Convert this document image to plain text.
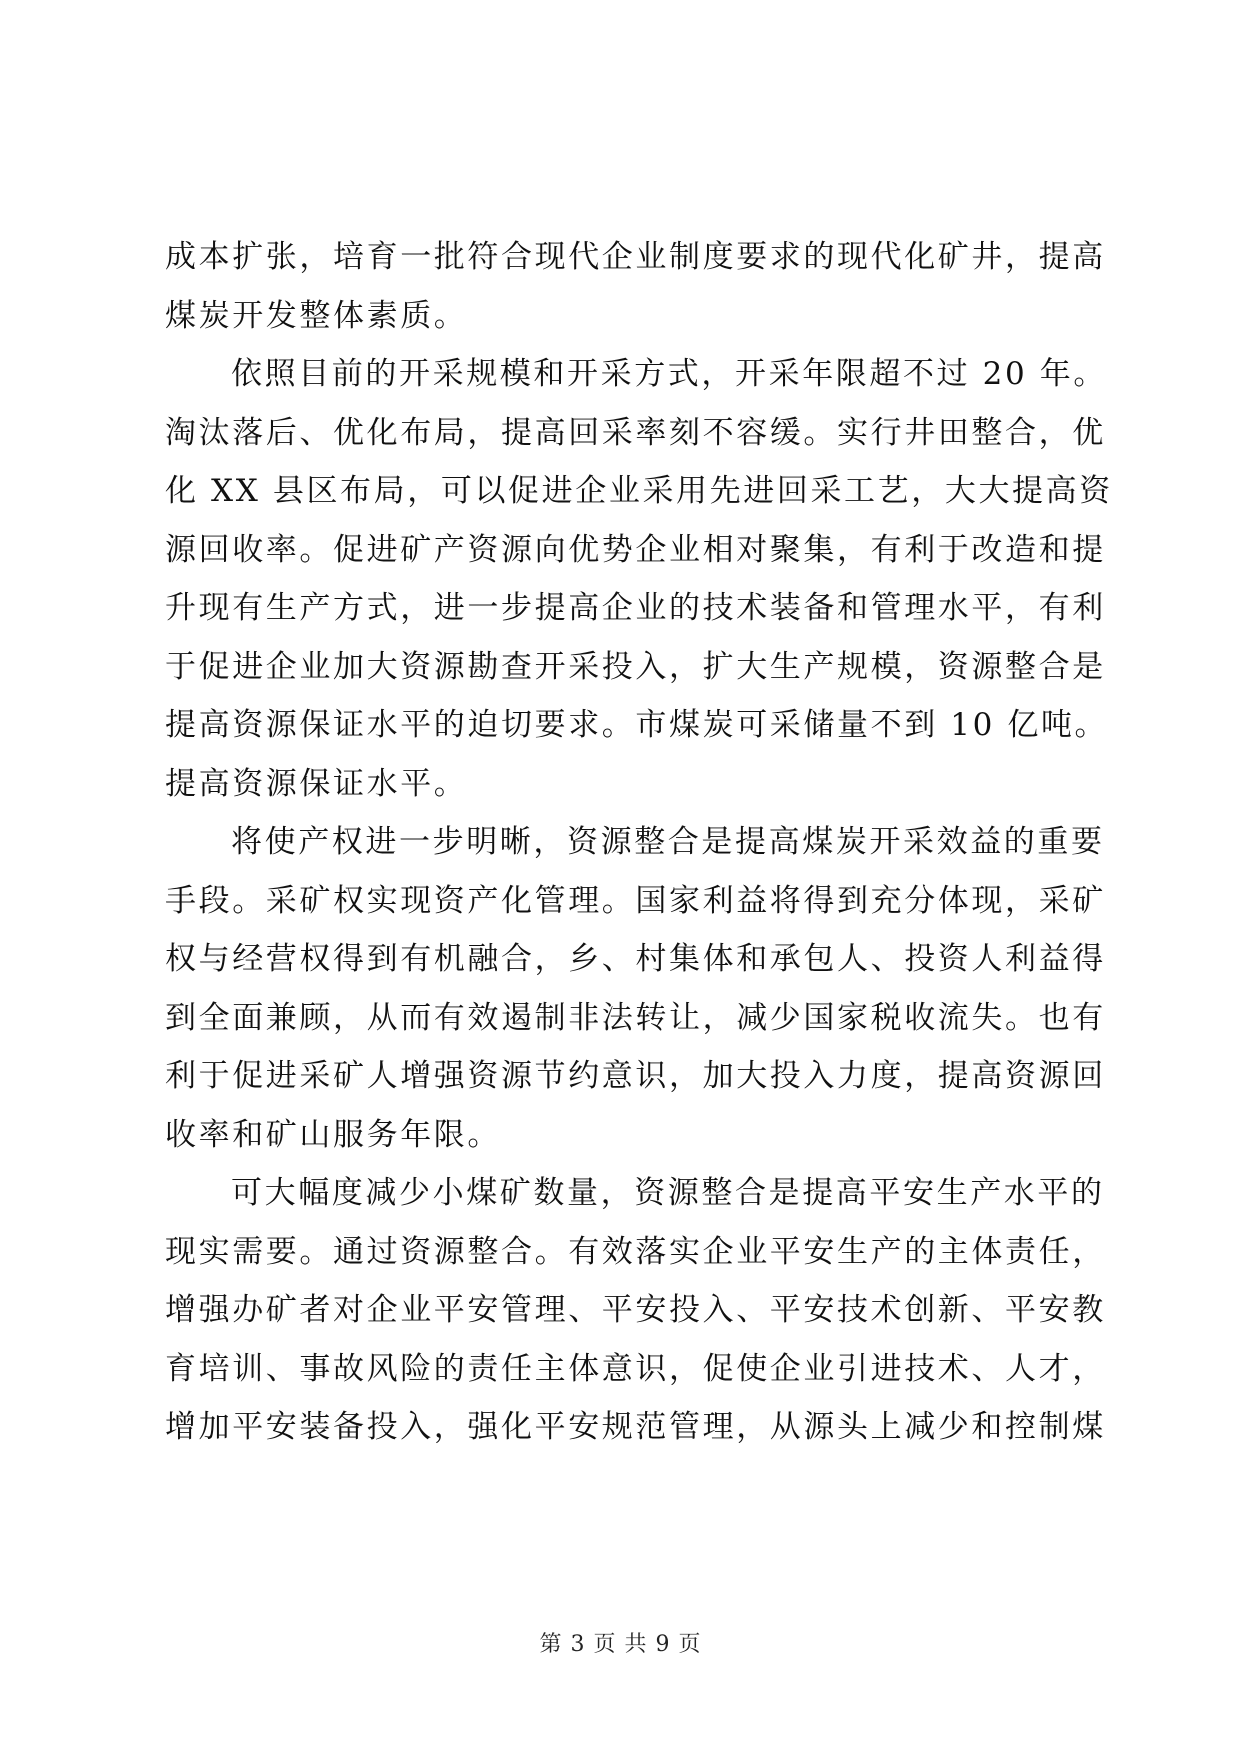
成本扩张，培育一批符合现代企业制度要求的现代化矿井，提高
煤炭开发整体素质。
依照目前的开采规模和开采方式，开采年限超不过 20 年。
淘汰落后、优化布局，提高回采率刻不容缓。实行井田整合，优
化 XX 县区布局，可以促进企业采用先进回采工艺，大大提高资
源回收率。促进矿产资源向优势企业相对聚集，有利于改造和提
升现有生产方式，进一步提高企业的技术装备和管理水平，有利
于促进企业加大资源勘查开采投入，扩大生产规模，资源整合是
提高资源保证水平的迫切要求。市煤炭可采储量不到 10 亿吨。
提高资源保证水平。
将使产权进一步明晰，资源整合是提高煤炭开采效益的重要
手段。采矿权实现资产化管理。国家利益将得到充分体现，采矿
权与经营权得到有机融合，乡、村集体和承包人、投资人利益得
到全面兼顾，从而有效遏制非法转让，减少国家税收流失。也有
利于促进采矿人增强资源节约意识，加大投入力度，提高资源回
收率和矿山服务年限。
可大幅度减少小煤矿数量，资源整合是提高平安生产水平的
现实需要。通过资源整合。有效落实企业平安生产的主体责任，
增强办矿者对企业平安管理、平安投入、平安技术创新、平安教
育培训、事故风险的责任主体意识，促使企业引进技术、人才，
增加平安装备投入，强化平安规范管理，从源头上减少和控制煤
第 3 页 共 9 页
